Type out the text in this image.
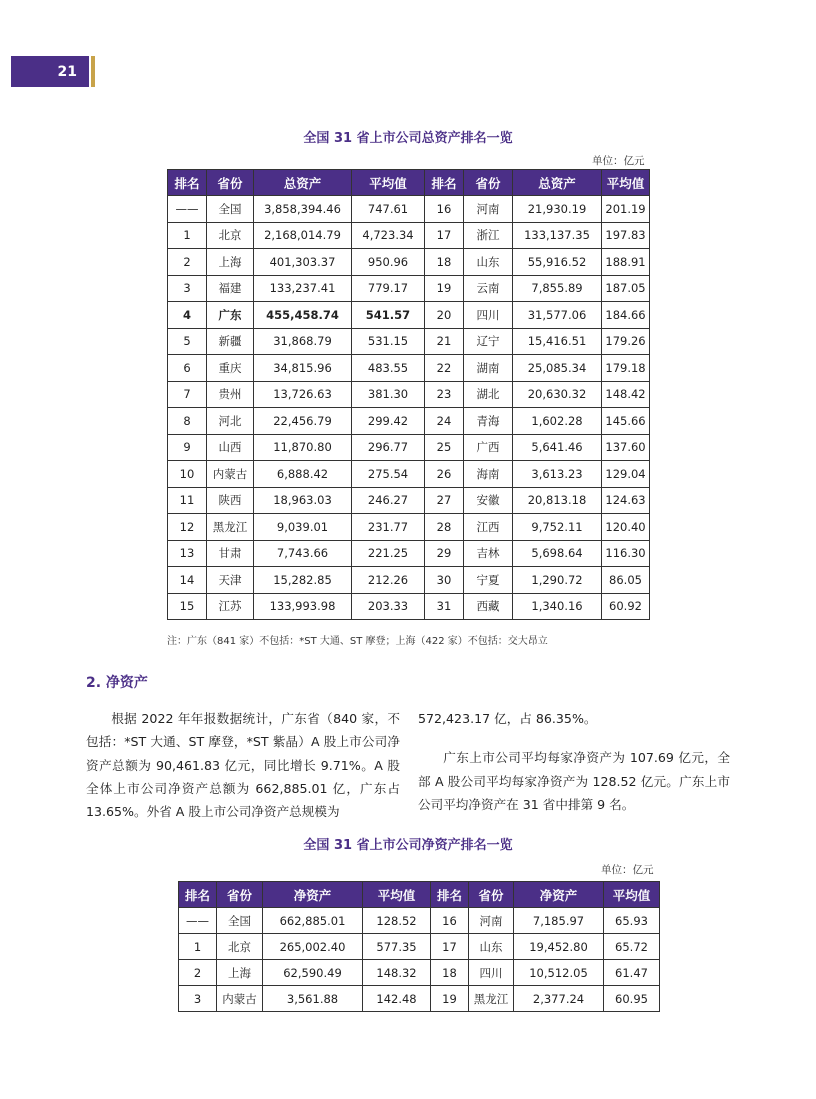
21
全国 31 省上市公司总资产排名一览
单位：亿元
排名	省份	总资产	平均值	排名	省份	总资产	平均值
——	全国	3,858,394.46	747.61	16	河南	21,930.19	201.19
1	北京	2,168,014.79	4,723.34	17	浙江	133,137.35	197.83
2	上海	401,303.37	950.96	18	山东	55,916.52	188.91
3	福建	133,237.41	779.17	19	云南	7,855.89	187.05
4	广东	455,458.74	541.57	20	四川	31,577.06	184.66
5	新疆	31,868.79	531.15	21	辽宁	15,416.51	179.26
6	重庆	34,815.96	483.55	22	湖南	25,085.34	179.18
7	贵州	13,726.63	381.30	23	湖北	20,630.32	148.42
8	河北	22,456.79	299.42	24	青海	1,602.28	145.66
9	山西	11,870.80	296.77	25	广西	5,641.46	137.60
10	内蒙古	6,888.42	275.54	26	海南	3,613.23	129.04
11	陕西	18,963.03	246.27	27	安徽	20,813.18	124.63
12	黑龙江	9,039.01	231.77	28	江西	9,752.11	120.40
13	甘肃	7,743.66	221.25	29	吉林	5,698.64	116.30
14	天津	15,282.85	212.26	30	宁夏	1,290.72	86.05
15	江苏	133,993.98	203.33	31	西藏	1,340.16	60.92
注：广东（841 家）不包括：*ST 大通、ST 摩登；上海（422 家）不包括：交大昂立
2. 净资产

根据 2022 年年报数据统计，广东省（840 家，不包括：*ST 大通、ST 摩登，*ST 紫晶）A 股上市公司净资产总额为 90,461.83 亿元，同比增长 9.71%。A 股全体上市公司净资产总额为 662,885.01 亿，广东占 13.65%。外省 A 股上市公司净资产总规模为

572,423.17 亿，占 86.35%。

广东上市公司平均每家净资产为 107.69 亿元，全部 A 股公司平均每家净资产为 128.52 亿元。广东上市公司平均净资产在 31 省中排第 9 名。

全国 31 省上市公司净资产排名一览
单位：亿元
排名	省份	净资产	平均值	排名	省份	净资产	平均值
——	全国	662,885.01	128.52	16	河南	7,185.97	65.93
1	北京	265,002.40	577.35	17	山东	19,452.80	65.72
2	上海	62,590.49	148.32	18	四川	10,512.05	61.47
3	内蒙古	3,561.88	142.48	19	黑龙江	2,377.24	60.95
